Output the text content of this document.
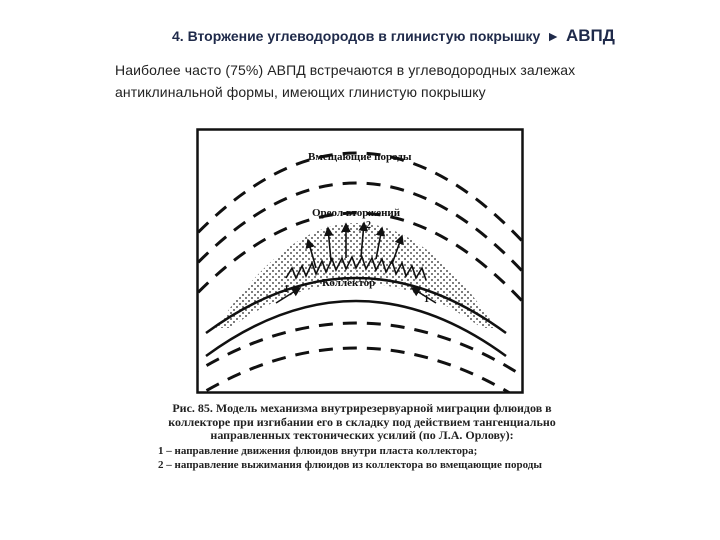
4. Вторжение углеводородов в глинистую покрышку ► АВПД
Наиболее часто (75%) АВПД встречаются в углеводородных залежах антиклинальной формы, имеющих глинистую покрышку
Вмещающие породы
Ореол вторжений
2
Коллектор
1
1
Рис. 85. Модель механизма внутрирезервуарной миграции флюидов в коллекторе при изгибании его в складку под действием тангенциально направленных тектонических усилий (по Л.А. Орлову):
1 – направление движения флюидов внутри пласта коллектора;
2 – направление выжимания флюидов из коллектора во вмещающие породы
